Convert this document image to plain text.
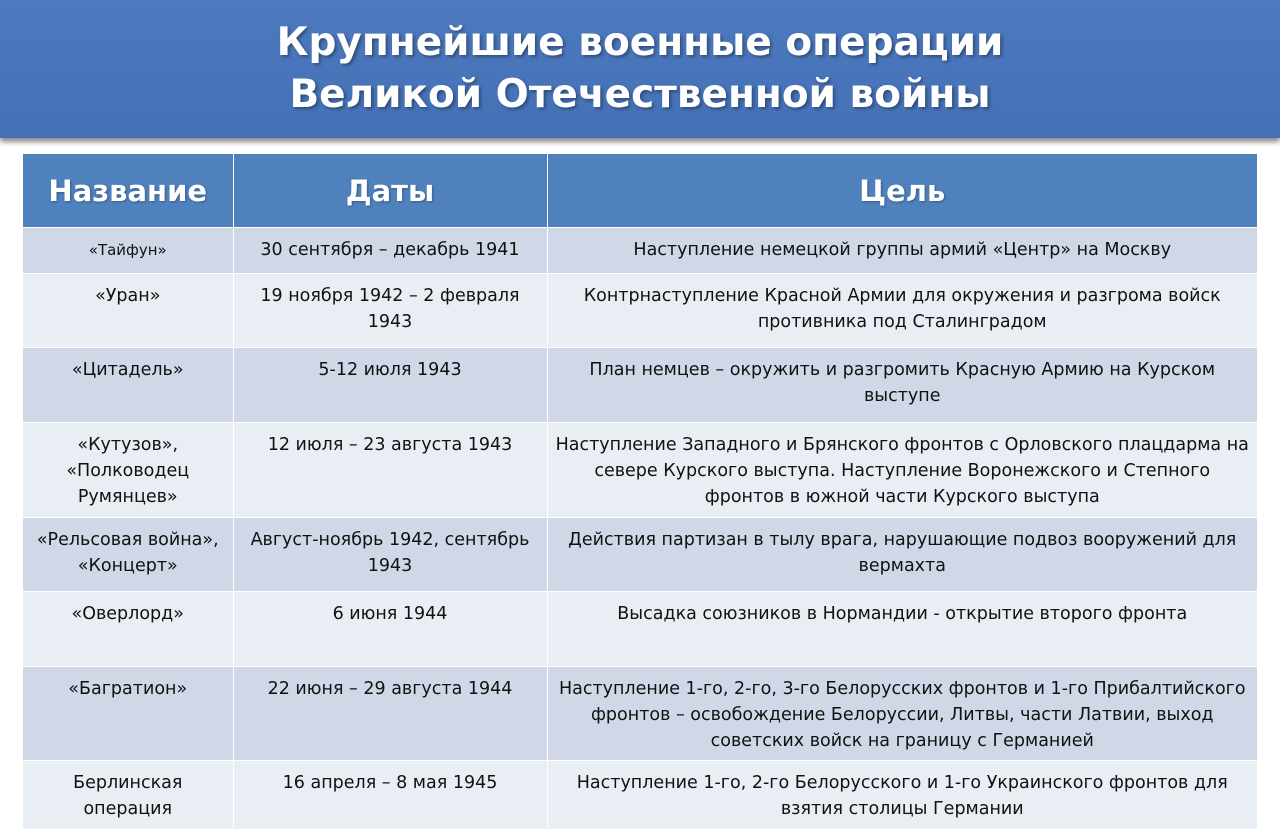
Крупнейшие военные операции
Великой Отечественной войны
Название	Даты	Цель
«Тайфун»	30 сентября – декабрь 1941	Наступление немецкой группы армий «Центр» на Москву
«Уран»	19 ноября 1942 – 2 февраля 1943	Контрнаступление Красной Армии для окружения и разгрома войск противника под Сталинградом
«Цитадель»	5-12 июля 1943	План немцев – окружить и разгромить Красную Армию на Курском выступе
«Кутузов», «Полководец Румянцев»	12 июля – 23 августа 1943	Наступление Западного и Брянского фронтов с Орловского плацдарма на севере Курского выступа. Наступление Воронежского и Степного фронтов в южной части Курского выступа
«Рельсовая война», «Концерт»	Август-ноябрь 1942, сентябрь 1943	Действия партизан в тылу врага, нарушающие подвоз вооружений для вермахта
«Оверлорд»	6 июня 1944	Высадка союзников в Нормандии - открытие второго фронта
«Багратион»	22 июня – 29 августа 1944	Наступление 1-го, 2-го, 3-го Белорусских фронтов и 1-го Прибалтийского фронтов – освобождение Белоруссии, Литвы, части Латвии, выход советских войск на границу с Германией
Берлинская операция	16 апреля – 8 мая 1945	Наступление 1-го, 2-го Белорусского и 1-го Украинского фронтов для взятия столицы Германии
